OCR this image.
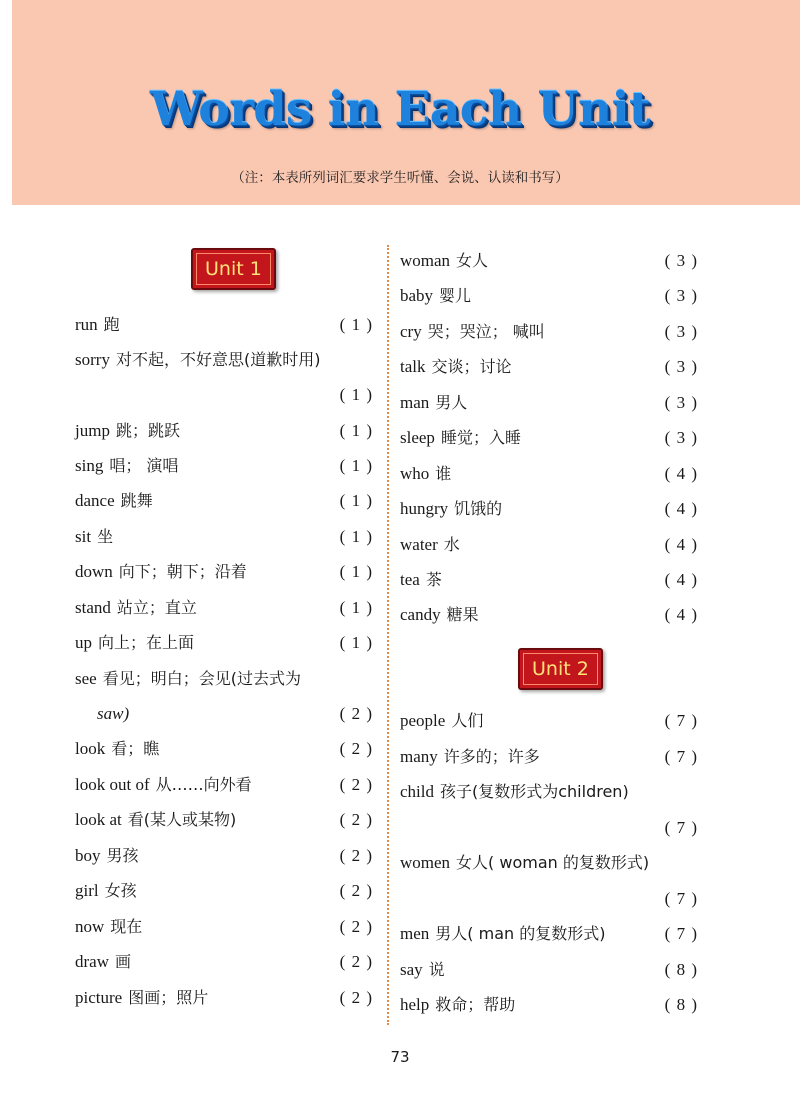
Words in Each Unit
（注：本表所列词汇要求学生听懂、会说、认读和书写）
Unit 1
Unit 2
run 跑	( 1 )
sorry 对不起，不好意思(道歉时用)
( 1 )
jump 跳；跳跃	( 1 )
sing 唱； 演唱	( 1 )
dance 跳舞	( 1 )
sit 坐	( 1 )
down 向下；朝下；沿着	( 1 )
stand 站立；直立	( 1 )
up 向上；在上面	( 1 )
see 看见；明白；会见(过去式为
saw)	( 2 )
look 看；瞧	( 2 )
look out of 从……向外看	( 2 )
look at 看(某人或某物)	( 2 )
boy 男孩	( 2 )
girl 女孩	( 2 )
now 现在	( 2 )
draw 画	( 2 )
picture 图画；照片	( 2 )
woman 女人	( 3 )
baby 婴儿	( 3 )
cry 哭；哭泣； 喊叫	( 3 )
talk 交谈；讨论	( 3 )
man 男人	( 3 )
sleep 睡觉；入睡	( 3 )
who 谁	( 4 )
hungry 饥饿的	( 4 )
water 水	( 4 )
tea 茶	( 4 )
candy 糖果	( 4 )
people 人们	( 7 )
many 许多的；许多	( 7 )
child 孩子(复数形式为children)
( 7 )
women 女人( woman 的复数形式)
( 7 )
men 男人( man 的复数形式)	( 7 )
say 说	( 8 )
help 救命；帮助	( 8 )
73
